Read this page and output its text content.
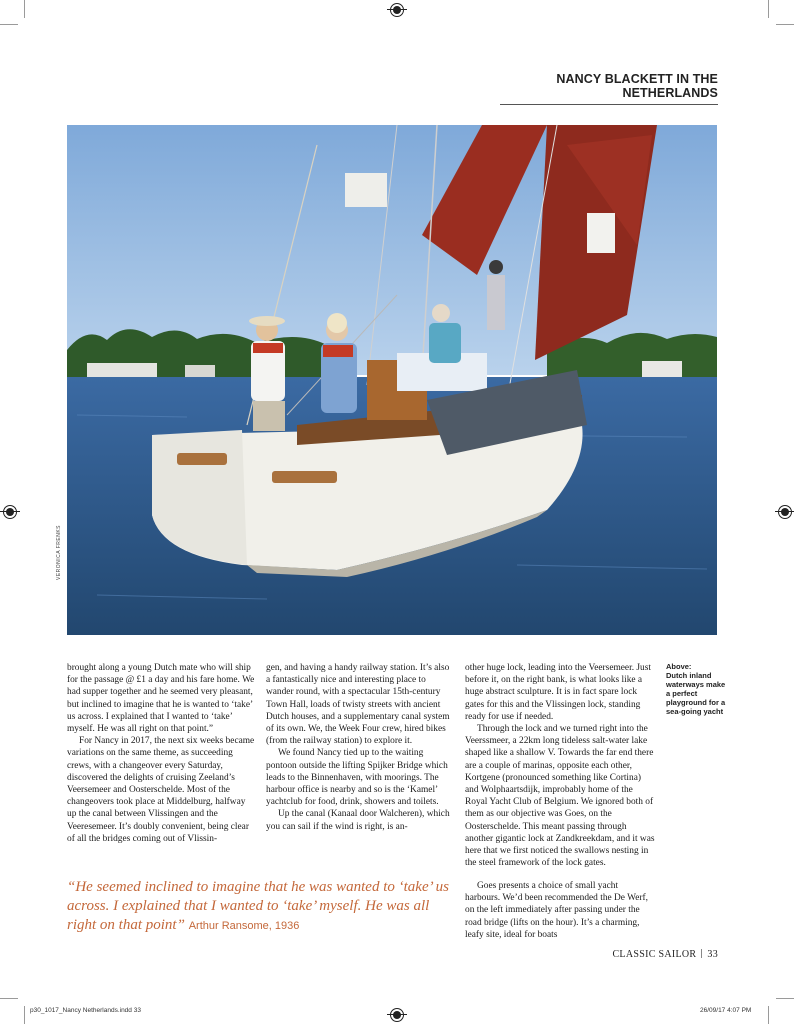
NANCY BLACKETT IN THE NETHERLANDS
VERONICA FRENKS

brought along a young Dutch mate who will ship for the passage @ £1 a day and his fare home. We had supper together and he seemed very pleasant, but inclined to imagine that he is wanted to ‘take’ us across. I explained that I wanted to ‘take’ myself. He was all right on that point.”

For Nancy in 2017, the next six weeks became variations on the same theme, as succeeding crews, with a changeover every Saturday, discovered the delights of cruising Zeeland’s Veersemeer and Oosterschelde. Most of the changeovers took place at Middelburg, halfway up the canal between Vlissingen and the Veeresemeer. It’s doubly convenient, being clear of all the bridges coming out of Vlissin-

gen, and having a handy railway station. It’s also a fantastically nice and interesting place to wander round, with a spectacular 15th-century Town Hall, loads of twisty streets with ancient Dutch houses, and a supplementary canal system of its own. We, the Week Four crew, hired bikes (from the railway station) to explore it.

We found Nancy tied up to the waiting pontoon outside the lifting Spijker Bridge which leads to the Binnenhaven, with moorings. The harbour office is nearby and so is the ‘Kamel’ yachtclub for food, drink, showers and toilets.

Up the canal (Kanaal door Walcheren), which you can sail if the wind is right, is an-

other huge lock, leading into the Veersemeer. Just before it, on the right bank, is what looks like a huge abstract sculpture. It is in fact spare lock gates for this and the Vlissingen lock, standing ready for use if needed.

Through the lock and we turned right into the Veerssmeer, a 22km long tideless salt-water lake shaped like a shallow V. Towards the far end there are a couple of marinas, opposite each other, Kortgene (pronounced something like Cortina) and Wolphaartsdijk, improbably home of the Royal Yacht Club of Belgium. We ignored both of them as our objective was Goes, on the Oosterschelde. This meant passing through another gigantic lock at Zandkreekdam, and it was here that we first noticed the swallows nesting in the steel framework of the lock gates.

Goes presents a choice of small yacht harbours. We’d been recommended the De Werf, on the left immediately after passing under the road bridge (lifts on the hour). It’s a charming, leafy site, ideal for boats

Above:
Dutch inland waterways make a perfect playground for a sea-going yacht
“He seemed inclined to imagine that he was wanted to ‘take’ us across. I explained that I wanted to ‘take’ myself. He was all right on that point” Arthur Ransome, 1936
CLASSIC SAILOR 33
p30_1017_Nancy Netherlands.indd 33	26/09/17 4:07 PM
